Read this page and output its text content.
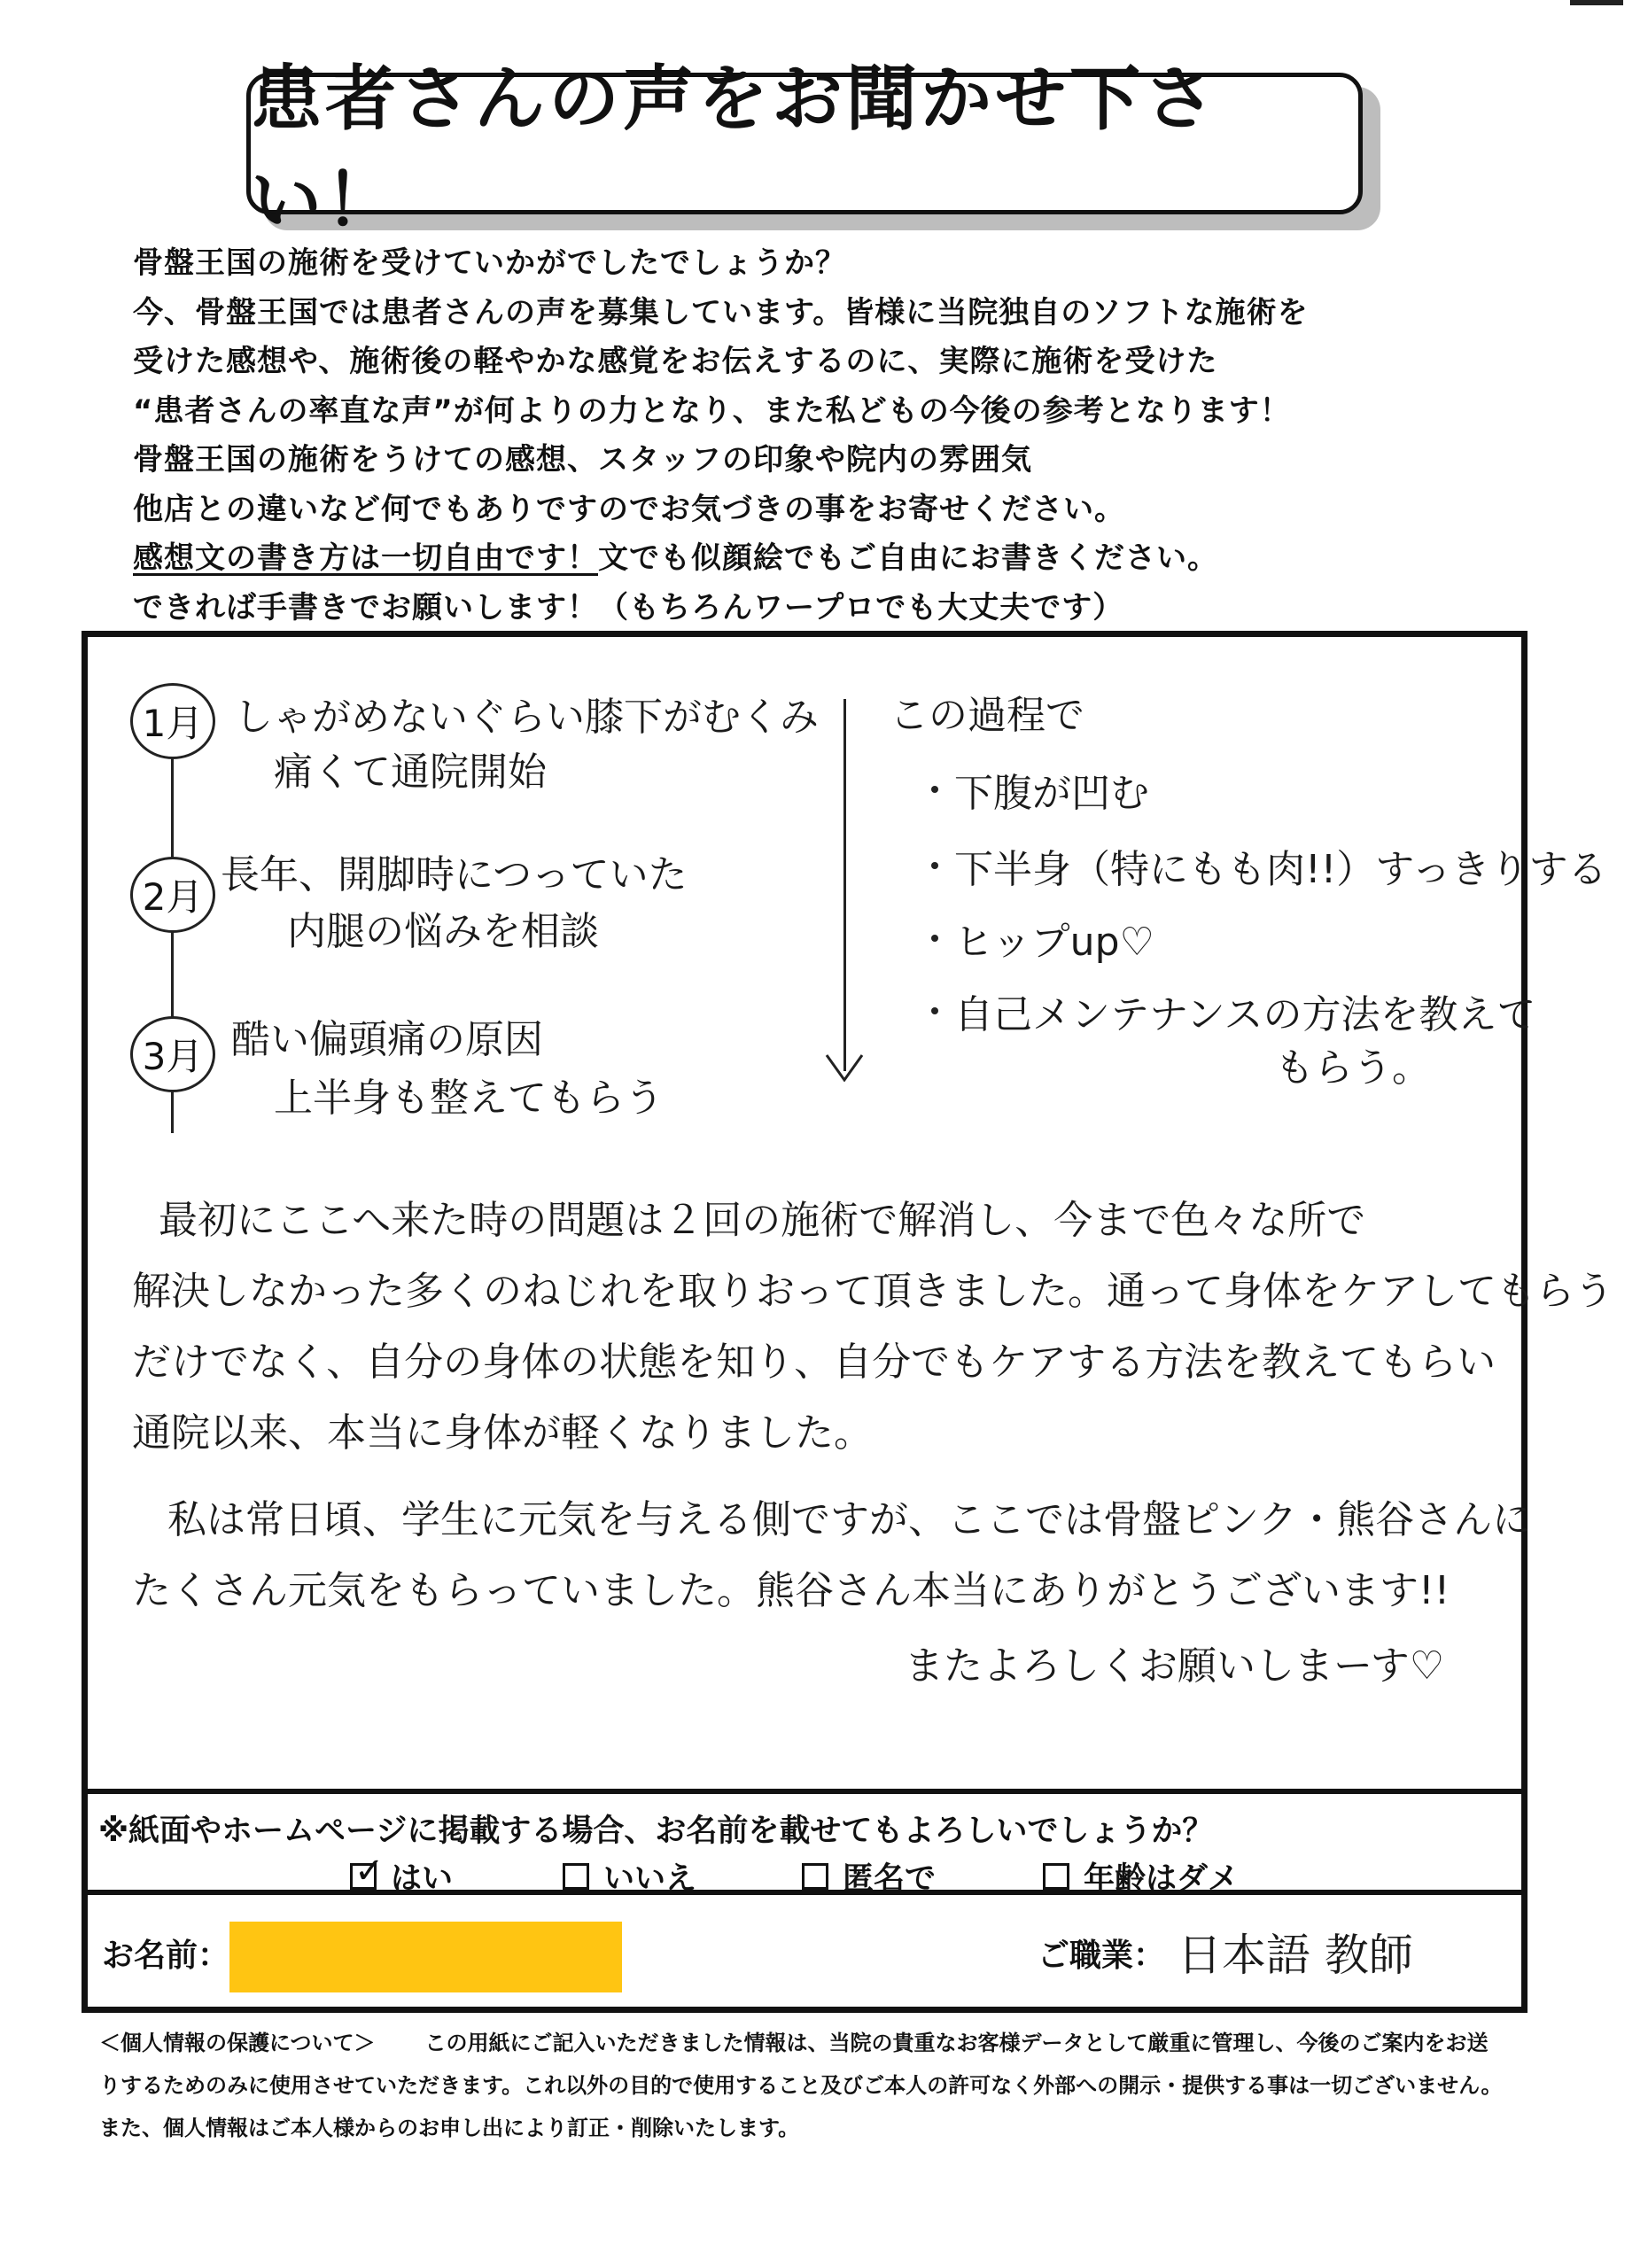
患者さんの声をお聞かせ下さい！
骨盤王国の施術を受けていかがでしたでしょうか？
今、骨盤王国では患者さんの声を募集しています。皆様に当院独自のソフトな施術を
受けた感想や、施術後の軽やかな感覚をお伝えするのに、実際に施術を受けた
“患者さんの率直な声”が何よりの力となり、また私どもの今後の参考となります！
骨盤王国の施術をうけての感想、スタッフの印象や院内の雰囲気
他店との違いなど何でもありですのでお気づきの事をお寄せください。
感想文の書き方は一切自由です！文でも似顔絵でもご自由にお書きください。
できれば手書きでお願いします！（もちろんワープロでも大丈夫です）
1月 しゃがめないぐらい膝下がむくみ
痛くて通院開始
2月 長年、開脚時につっていた
内腿の悩みを相談
3月 酷い偏頭痛の原因
上半身も整えてもらう
この過程で
下腹が凹む
下半身（特にもも肉!!）すっきりする
ヒップup♡
自己メンテナンスの方法を教えて
もらう。
最初にここへ来た時の問題は２回の施術で解消し、今まで色々な所で
解決しなかった多くのねじれを取りおって頂きました。通って身体をケアしてもらう
だけでなく、自分の身体の状態を知り、自分でもケアする方法を教えてもらい
通院以来、本当に身体が軽くなりました。
私は常日頃、学生に元気を与える側ですが、ここでは骨盤ピンク・熊谷さんに
たくさん元気をもらっていました。熊谷さん本当にありがとうございます!!
またよろしくお願いしまーす♡
※紙面やホームページに掲載する場合、お名前を載せてもよろしいでしょうか？
✓ はい	いいえ	匿名で	年齢はダメ
お名前：	ご職業： 日本語 教師
＜個人情報の保護について＞ この用紙にご記入いただきました情報は、当院の貴重なお客様データとして厳重に管理し、今後のご案内をお送
りするためのみに使用させていただきます。これ以外の目的で使用すること及びご本人の許可なく外部への開示・提供する事は一切ございません。
また、個人情報はご本人様からのお申し出により訂正・削除いたします。
